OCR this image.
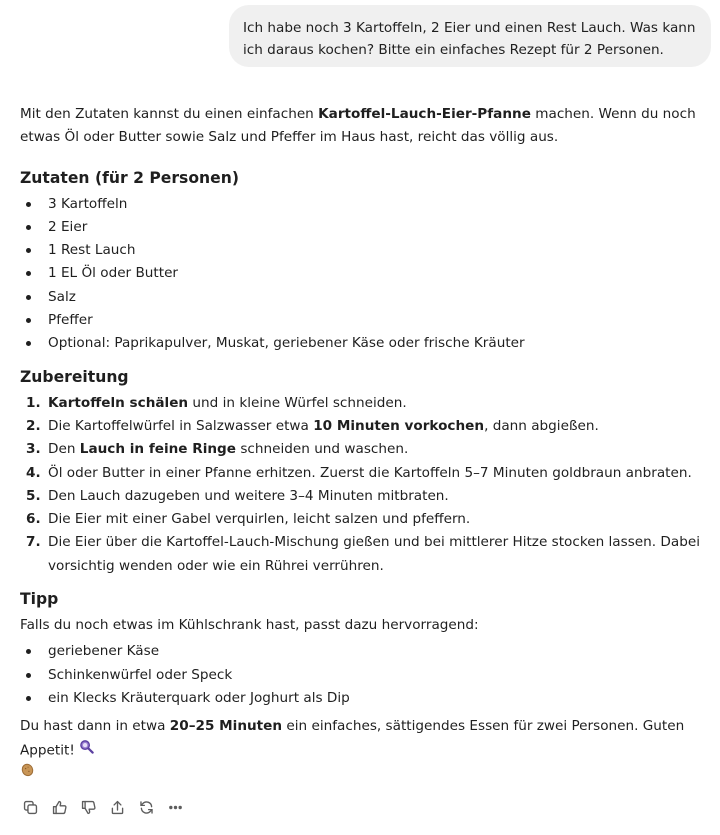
Ich habe noch 3 Kartoffeln, 2 Eier und einen Rest Lauch. Was kann ich daraus kochen? Bitte ein einfaches Rezept für 2 Personen.

Mit den Zutaten kannst du einen einfachen Kartoffel-Lauch-Eier-Pfanne machen. Wenn du noch etwas Öl oder Butter sowie Salz und Pfeffer im Haus hast, reicht das völlig aus.

Zutaten (für 2 Personen)
3 Kartoffeln
2 Eier
1 Rest Lauch
1 EL Öl oder Butter
Salz
Pfeffer
Optional: Paprikapulver, Muskat, geriebener Käse oder frische Kräuter
Zubereitung
1. Kartoffeln schälen und in kleine Würfel schneiden.
2. Die Kartoffelwürfel in Salzwasser etwa 10 Minuten vorkochen, dann abgießen.
3. Den Lauch in feine Ringe schneiden und waschen.
4. Öl oder Butter in einer Pfanne erhitzen. Zuerst die Kartoffeln 5–7 Minuten goldbraun anbraten.
5. Den Lauch dazugeben und weitere 3–4 Minuten mitbraten.
6. Die Eier mit einer Gabel verquirlen, leicht salzen und pfeffern.
7. Die Eier über die Kartoffel-Lauch-Mischung gießen und bei mittlerer Hitze stocken lassen. Dabei vorsichtig wenden oder wie ein Rührei verrühren.
Tipp

Falls du noch etwas im Kühlschrank hast, passt dazu hervorragend:

geriebener Käse
Schinkenwürfel oder Speck
ein Klecks Kräuterquark oder Joghurt als Dip

Du hast dann in etwa 20–25 Minuten ein einfaches, sättigendes Essen für zwei Personen. Guten Appetit!
